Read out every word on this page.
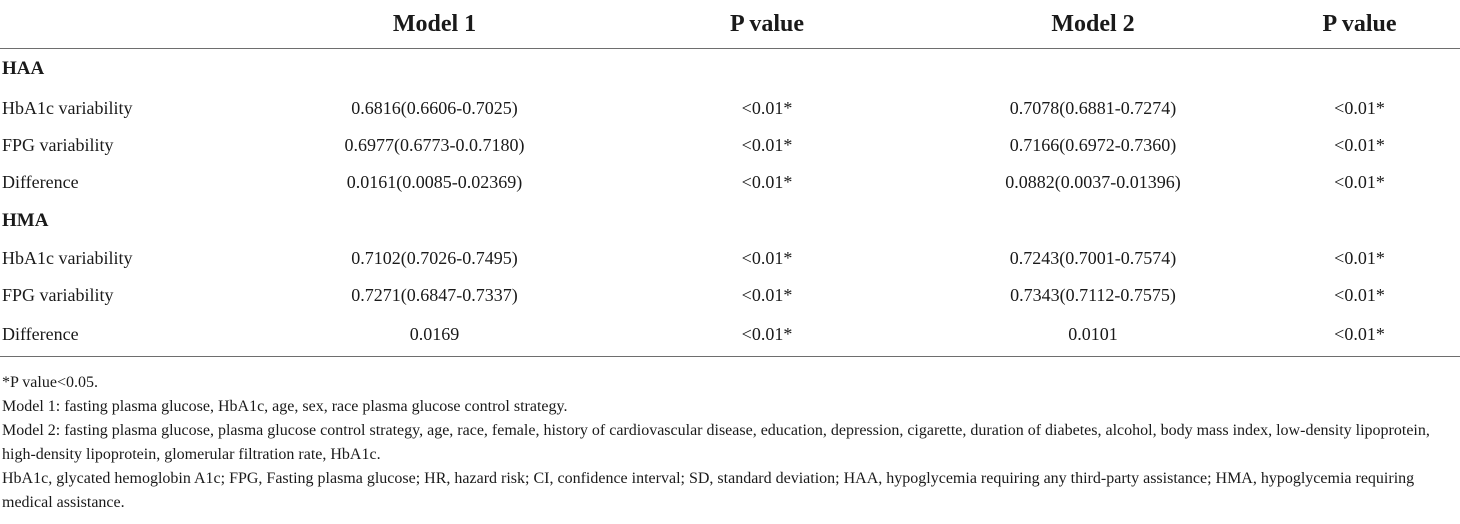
	Model 1	P value	Model 2	P value
HAA				
HbA1c variability	0.6816(0.6606-0.7025)	<0.01*	0.7078(0.6881-0.7274)	<0.01*
FPG variability	0.6977(0.6773-0.0.7180)	<0.01*	0.7166(0.6972-0.7360)	<0.01*
Difference	0.0161(0.0085-0.02369)	<0.01*	0.0882(0.0037-0.01396)	<0.01*
HMA				
HbA1c variability	0.7102(0.7026-0.7495)	<0.01*	0.7243(0.7001-0.7574)	<0.01*
FPG variability	0.7271(0.6847-0.7337)	<0.01*	0.7343(0.7112-0.7575)	<0.01*
Difference	0.0169	<0.01*	0.0101	<0.01*

*P value<0.05.

Model 1: fasting plasma glucose, HbA1c, age, sex, race plasma glucose control strategy.

Model 2: fasting plasma glucose, plasma glucose control strategy, age, race, female, history of cardiovascular disease, education, depression, cigarette, duration of diabetes, alcohol, body mass index, low-density lipoprotein, high-density lipoprotein, glomerular filtration rate, HbA1c.

HbA1c, glycated hemoglobin A1c; FPG, Fasting plasma glucose; HR, hazard risk; CI, confidence interval; SD, standard deviation; HAA, hypoglycemia requiring any third-party assistance; HMA, hypoglycemia requiring medical assistance.
